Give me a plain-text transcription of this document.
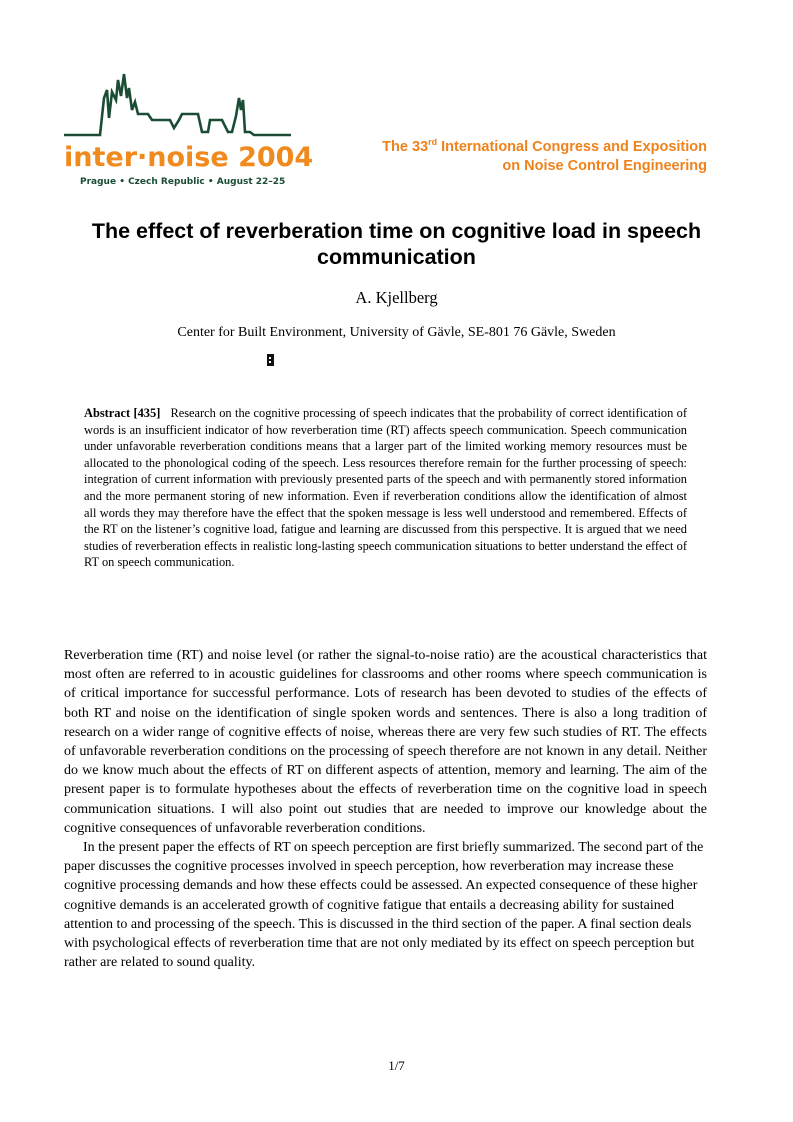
inter·noise 2004
Prague • Czech Republic • August 22–25
The 33rd International Congress and Exposition
on Noise Control Engineering
The effect of reverberation time on cognitive load in speech communication
A. Kjellberg
Center for Built Environment, University of Gävle, SE-801 76 Gävle, Sweden

Abstract [435] Research on the cognitive processing of speech indicates that the probability of correct identification of words is an insufficient indicator of how reverberation time (RT) affects speech communication. Speech communication under unfavorable reverberation conditions means that a larger part of the limited working memory resources must be allocated to the phonological coding of the speech. Less resources therefore remain for the further processing of speech: integration of current information with previously presented parts of the speech and with permanently stored information and the more permanent storing of new information. Even if reverberation conditions allow the identification of almost all words they may therefore have the effect that the spoken message is less well understood and remembered. Effects of the RT on the listener’s cognitive load, fatigue and learning are discussed from this perspective. It is argued that we need studies of reverberation effects in realistic long-lasting speech communication situations to better understand the effect of RT on speech communication.

Reverberation time (RT) and noise level (or rather the signal-to-noise ratio) are the acoustical characteristics that most often are referred to in acoustic guidelines for classrooms and other rooms where speech communication is of critical importance for successful performance. Lots of research has been devoted to studies of the effects of both RT and noise on the identification of single spoken words and sentences. There is also a long tradition of research on a wider range of cognitive effects of noise, whereas there are very few such studies of RT. The effects of unfavorable reverberation conditions on the processing of speech therefore are not known in any detail. Neither do we know much about the effects of RT on different aspects of attention, memory and learning. The aim of the present paper is to formulate hypotheses about the effects of reverberation time on the cognitive load in speech communication situations. I will also point out studies that are needed to improve our knowledge about the cognitive consequences of unfavorable reverberation conditions.

In the present paper the effects of RT on speech perception are first briefly summarized. The second part of the paper discusses the cognitive processes involved in speech perception, how reverberation may increase these cognitive processing demands and how these effects could be assessed. An expected consequence of these higher cognitive demands is an accelerated growth of cognitive fatigue that entails a decreasing ability for sustained attention to and processing of the speech. This is discussed in the third section of the paper. A final section deals with psychological effects of reverberation time that are not only mediated by its effect on speech perception but rather are related to sound quality.

1/7
